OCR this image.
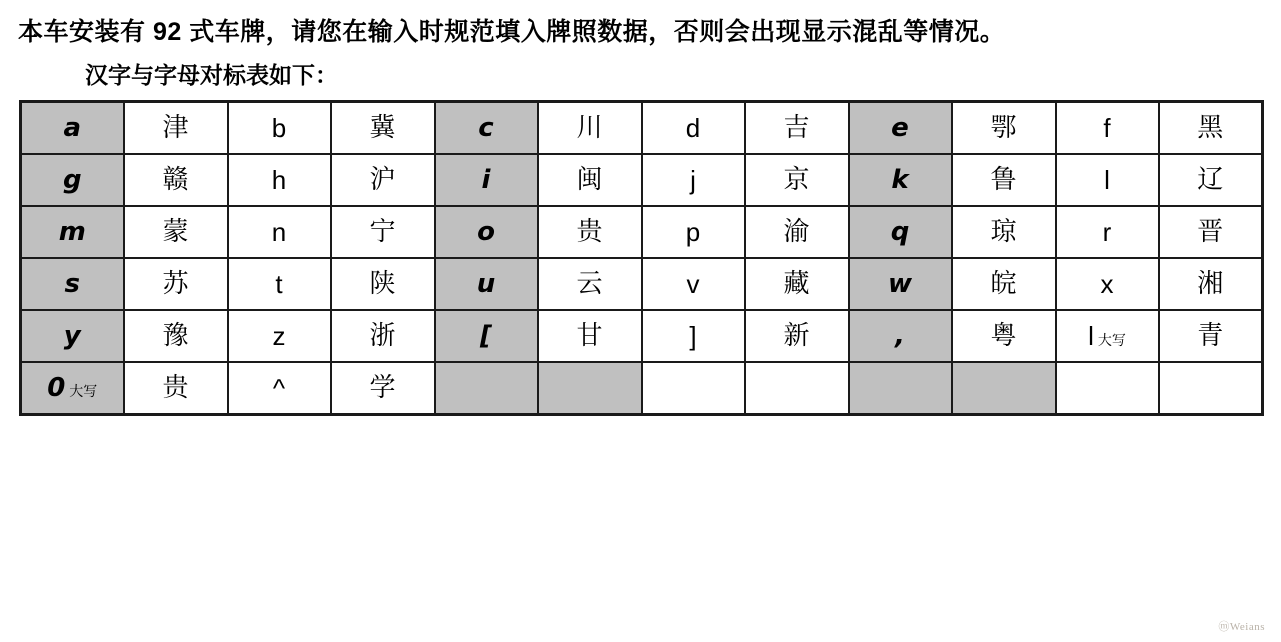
本车安装有 92 式车牌，请您在输入时规范填入牌照数据，否则会出现显示混乱等情况。
汉字与字母对标表如下：
a	津	b	冀	c	川	d	吉	e	鄂	f	黑

g	赣	h	沪	i	闽	j	京	k	鲁	l	辽

m	蒙	n	宁	o	贵	p	渝	q	琼	r	晋

s	苏	t	陕	u	云	v	藏	w	皖	x	湘

y	豫	z	浙	[	甘	]	新	,	粤	l 大写	青

0 大写	贵	^	学								

ⓜWeians
